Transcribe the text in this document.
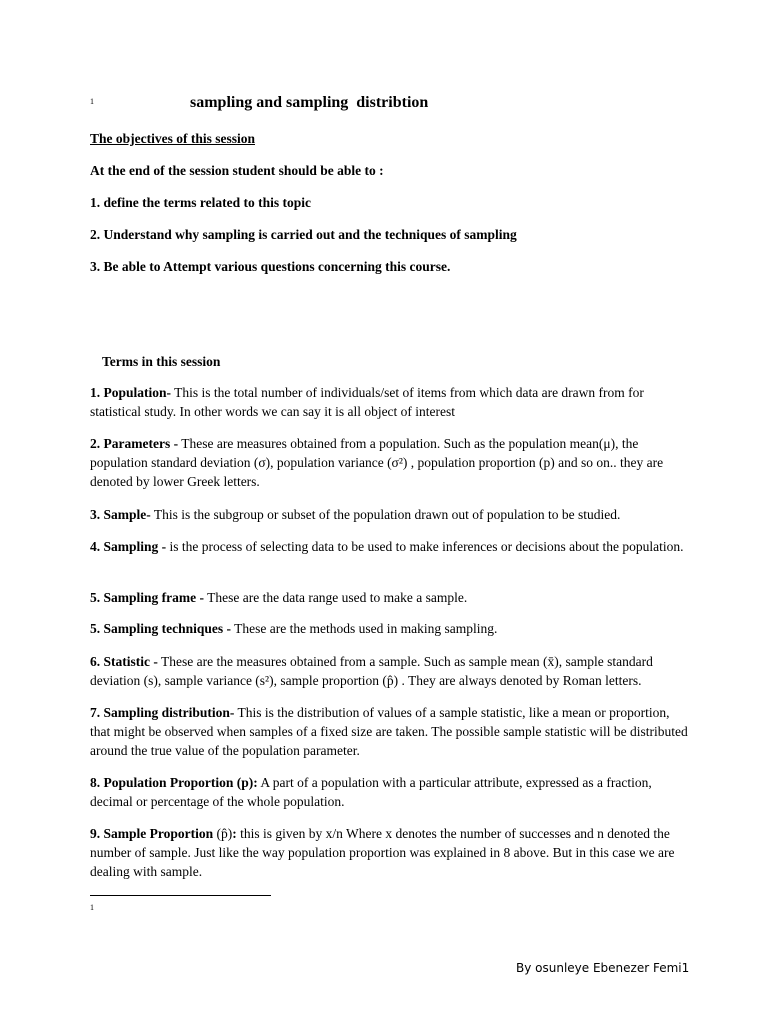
1	sampling and sampling  distribtion
The objectives of this session
At the end of the session student should be able to :
1. define the terms related to this topic
2. Understand why sampling is carried out and the techniques of sampling
3. Be able to Attempt various questions concerning this course.
Terms in this session
1. Population- This is the total number of individuals/set of items from which data are drawn from for statistical study. In other words we can say it is all object of interest
2. Parameters - These are measures obtained from a population. Such as the population mean(μ), the population standard deviation (σ), population variance (σ²) , population proportion (p) and so on.. they are denoted by lower Greek letters.
3. Sample- This is the subgroup or subset of the population drawn out of population to be studied.
4. Sampling - is the process of selecting data to be used to make inferences or decisions about the population.
5. Sampling frame - These are the data range used to make a sample.
5. Sampling techniques - These are the methods used in making sampling.
6. Statistic - These are the measures obtained from a sample. Such as sample mean (x̄), sample standard deviation (s), sample variance (s²), sample proportion (p̂) . They are always denoted by Roman letters.
7. Sampling distribution- This is the distribution of values of a sample statistic, like a mean or proportion, that might be observed when samples of a fixed size are taken. The possible sample statistic will be distributed around the true value of the population parameter.
8. Population Proportion (p): A part of a population with a particular attribute, expressed as a fraction, decimal or percentage of the whole population.
9. Sample Proportion (p̂): this is given by x/n Where x denotes the number of successes and n denoted the number of sample. Just like the way population proportion was explained in 8 above. But in this case we are dealing with sample.
1
By osunleye Ebenezer Femi1
